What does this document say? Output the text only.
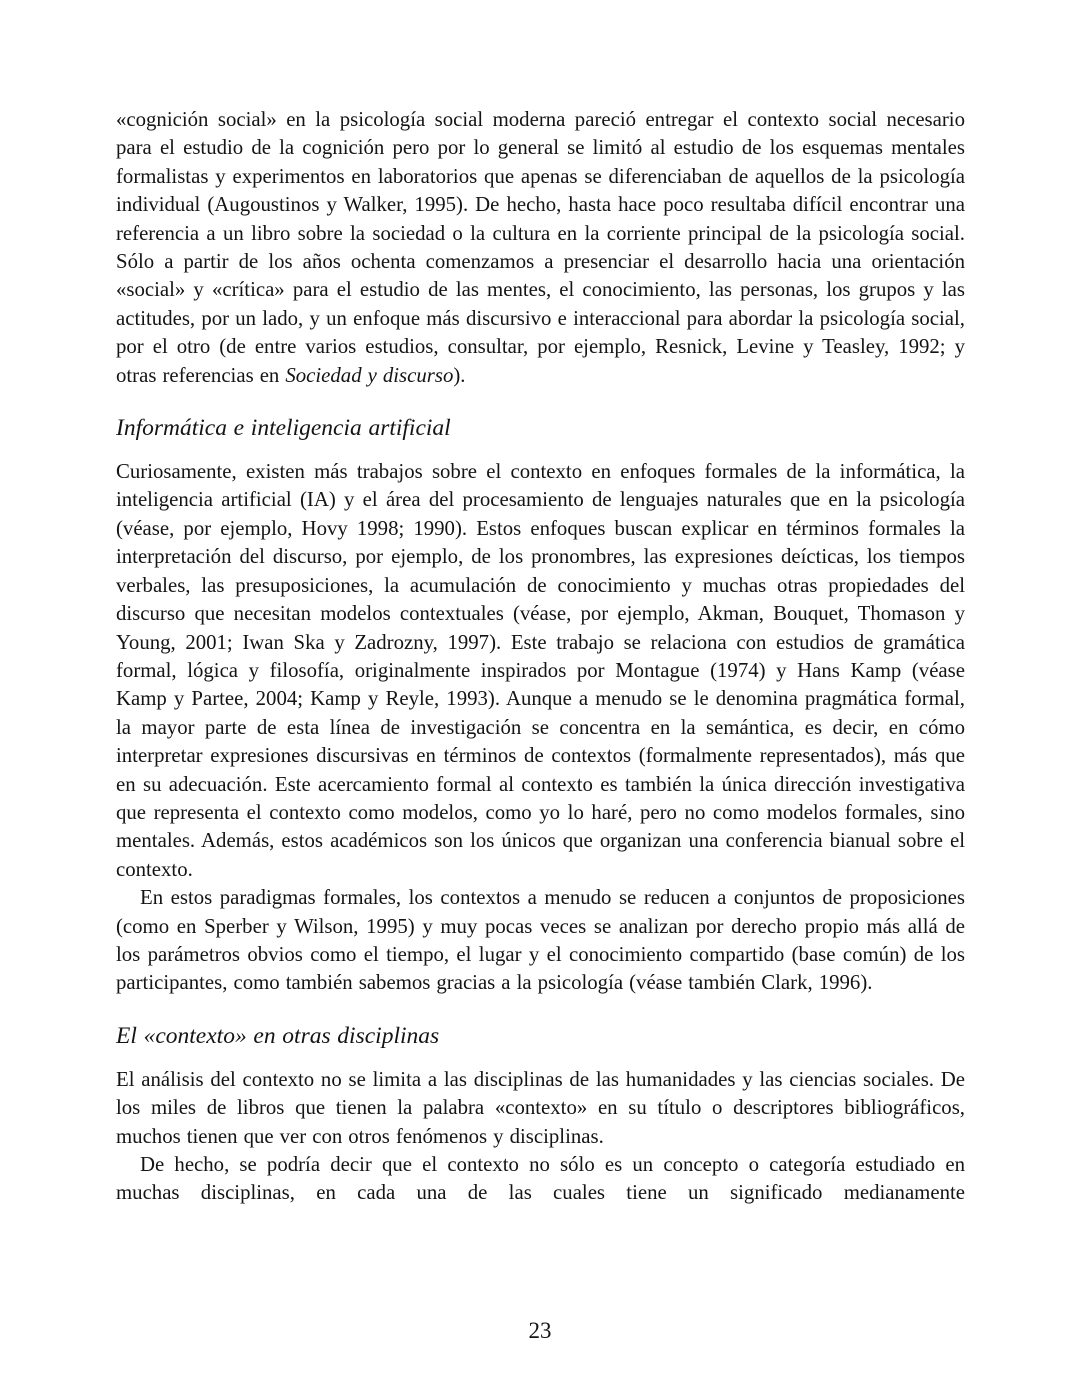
«cognición social» en la psicología social moderna pareció entregar el contexto social necesario para el estudio de la cognición pero por lo general se limitó al estudio de los esquemas mentales formalistas y experimentos en laboratorios que apenas se diferenciaban de aquellos de la psicología individual (Augoustinos y Walker, 1995). De hecho, hasta hace poco resultaba difícil encontrar una referencia a un libro sobre la sociedad o la cultura en la corriente principal de la psicología social. Sólo a partir de los años ochenta comenzamos a presenciar el desarrollo hacia una orientación «social» y «crítica» para el estudio de las mentes, el conocimiento, las personas, los grupos y las actitudes, por un lado, y un enfoque más discursivo e interaccional para abordar la psicología social, por el otro (de entre varios estudios, consultar, por ejemplo, Resnick, Levine y Teasley, 1992; y otras referencias en Sociedad y discurso).

Informática e inteligencia artificial

Curiosamente, existen más trabajos sobre el contexto en enfoques formales de la informática, la inteligencia artificial (IA) y el área del procesamiento de lenguajes naturales que en la psicología (véase, por ejemplo, Hovy 1998; 1990). Estos enfoques buscan explicar en términos formales la interpretación del discurso, por ejemplo, de los pronombres, las expresiones deícticas, los tiempos verbales, las presuposiciones, la acumulación de conocimiento y muchas otras propiedades del discurso que necesitan modelos contextuales (véase, por ejemplo, Akman, Bouquet, Thomason y Young, 2001; Iwan Ska y Zadrozny, 1997). Este trabajo se relaciona con estudios de gramática formal, lógica y filosofía, originalmente inspirados por Montague (1974) y Hans Kamp (véase Kamp y Partee, 2004; Kamp y Reyle, 1993). Aunque a menudo se le denomina pragmática formal, la mayor parte de esta línea de investigación se concentra en la semántica, es decir, en cómo interpretar expresiones discursivas en términos de contextos (formalmente representados), más que en su adecuación. Este acercamiento formal al contexto es también la única dirección investigativa que representa el contexto como modelos, como yo lo haré, pero no como modelos formales, sino mentales. Además, estos académicos son los únicos que organizan una conferencia bianual sobre el contexto.

En estos paradigmas formales, los contextos a menudo se reducen a conjuntos de proposiciones (como en Sperber y Wilson, 1995) y muy pocas veces se analizan por derecho propio más allá de los parámetros obvios como el tiempo, el lugar y el conocimiento compartido (base común) de los participantes, como también sabemos gracias a la psicología (véase también Clark, 1996).

El «contexto» en otras disciplinas

El análisis del contexto no se limita a las disciplinas de las humanidades y las ciencias sociales. De los miles de libros que tienen la palabra «contexto» en su título o descriptores bibliográficos, muchos tienen que ver con otros fenómenos y disciplinas.

De hecho, se podría decir que el contexto no sólo es un concepto o categoría estudiado en muchas disciplinas, en cada una de las cuales tiene un significado medianamente

23
